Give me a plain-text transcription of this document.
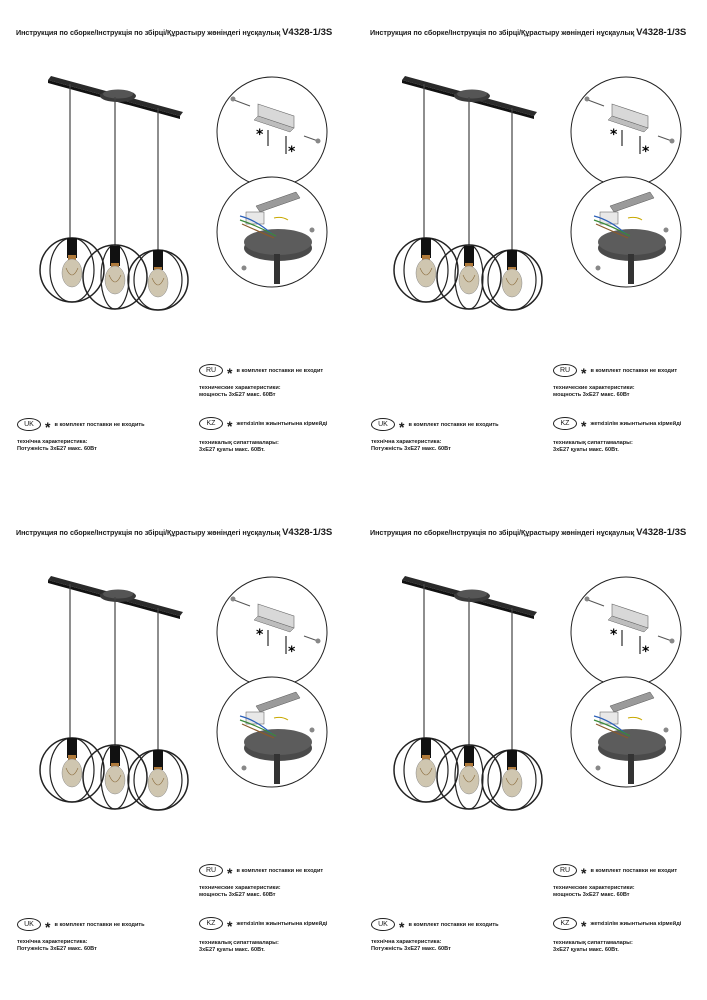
Инструкция по сборке/Інструкція по збірці/Құрастыру жөніндегі нұсқаулық V4328-1/3S
*
*
RU * в комплект поставки не входит
технические характеристики:
мощность 3хЕ27 макс. 60Вт
KZ * жеткізілім жиынтығына кірмейді
техникалық сипаттамалары:
3хЕ27 қуаты макс. 60Вт.
UK * в комплект поставки не входить
технічна характеристика:
Потужність 3хЕ27 макс. 60Вт
Инструкция по сборке/Інструкція по збірці/Құрастыру жөніндегі нұсқаулық V4328-1/3S
*
*
RU * в комплект поставки не входит
технические характеристики:
мощность 3хЕ27 макс. 60Вт
KZ * жеткізілім жиынтығына кірмейді
техникалық сипаттамалары:
3хЕ27 қуаты макс. 60Вт.
UK * в комплект поставки не входить
технічна характеристика:
Потужність 3хЕ27 макс. 60Вт
Инструкция по сборке/Інструкція по збірці/Құрастыру жөніндегі нұсқаулық V4328-1/3S
*
*
RU * в комплект поставки не входит
технические характеристики:
мощность 3хЕ27 макс. 60Вт
KZ * жеткізілім жиынтығына кірмейді
техникалық сипаттамалары:
3хЕ27 қуаты макс. 60Вт.
UK * в комплект поставки не входить
технічна характеристика:
Потужність 3хЕ27 макс. 60Вт
Инструкция по сборке/Інструкція по збірці/Құрастыру жөніндегі нұсқаулық V4328-1/3S
*
*
RU * в комплект поставки не входит
технические характеристики:
мощность 3хЕ27 макс. 60Вт
KZ * жеткізілім жиынтығына кірмейді
техникалық сипаттамалары:
3хЕ27 қуаты макс. 60Вт.
UK * в комплект поставки не входить
технічна характеристика:
Потужність 3хЕ27 макс. 60Вт
